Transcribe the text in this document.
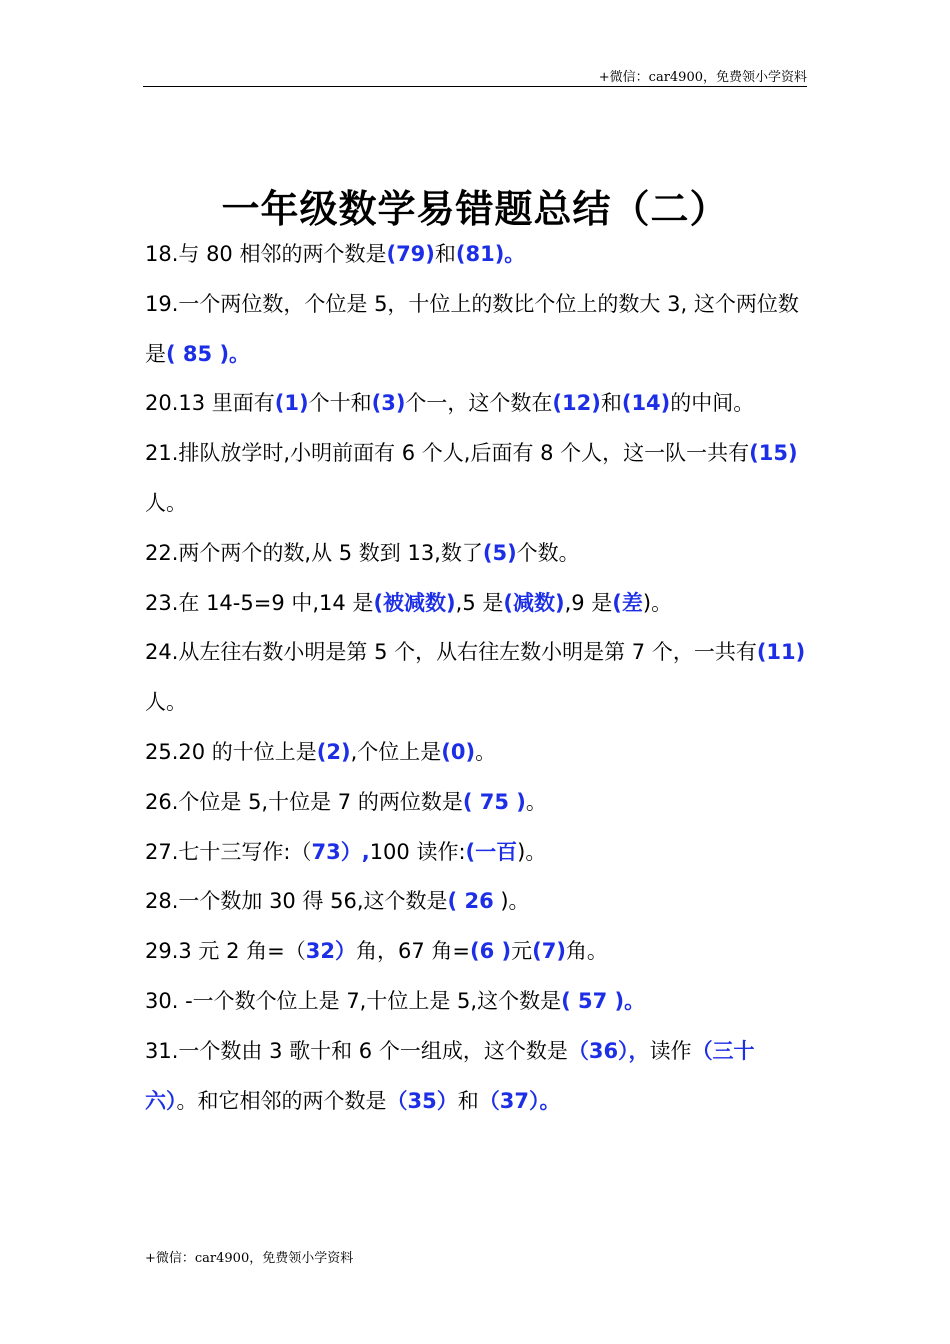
+微信：car4900，免费领小学资料
一年级数学易错题总结（二）
18.与 80 相邻的两个数是(79)和(81)。
19.一个两位数，个位是 5，十位上的数比个位上的数大 3, 这个两位数是( 85 )。
20.13 里面有(1)个十和(3)个一，这个数在(12)和(14)的中间。
21.排队放学时,小明前面有 6 个人,后面有 8 个人，这一队一共有(15)人。
22.两个两个的数,从 5 数到 13,数了(5)个数。
23.在 14-5=9 中,14 是(被减数),5 是(减数),9 是(差)。
24.从左往右数小明是第 5 个，从右往左数小明是第 7 个，一共有(11)人。
25.20 的十位上是(2),个位上是(0)。
26.个位是 5,十位是 7 的两位数是( 75 )。
27.七十三写作:（73）,100 读作:(一百)。
28.一个数加 30 得 56,这个数是( 26 )。
29.3 元 2 角=（32）角，67 角=(6 )元(7)角。
30. -一个数个位上是 7,十位上是 5,这个数是( 57 )。
31.一个数由 3 歌十和 6 个一组成，这个数是（36），读作（三十六）。和它相邻的两个数是（35）和（37）。
+微信：car4900，免费领小学资料
